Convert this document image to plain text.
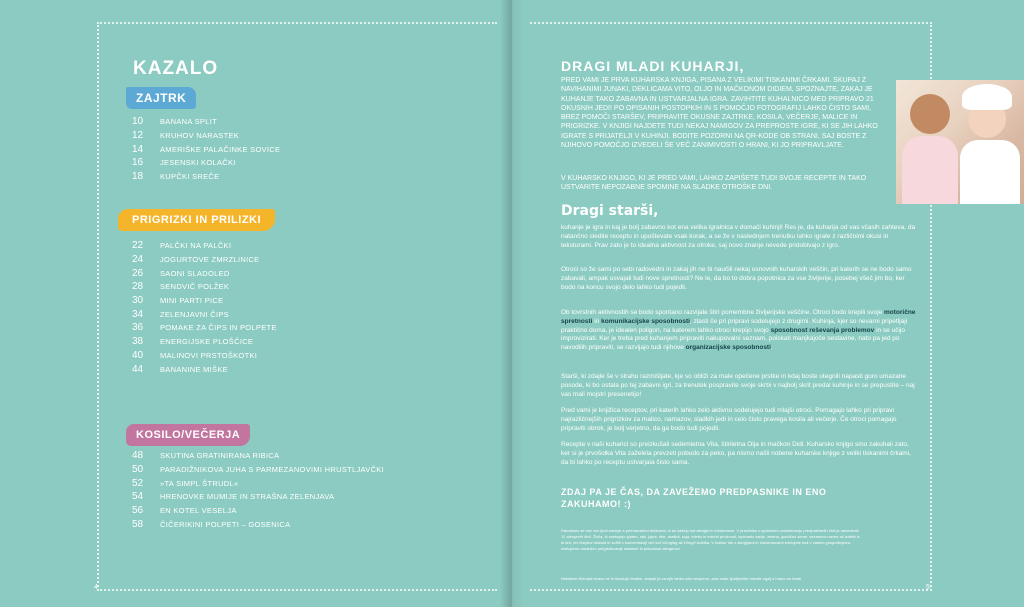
KAZALO
ZAJTRK
10	BANANA SPLIT
12	KRUHOV NARASTEK
14	AMERIŠKE PALAČINKE SOVICE
16	JESENSKI KOLAČKI
18	KUPČKI SREČE
PRIGRIZKI IN PRILIZKI
22	PALČKI NA PALČKI
24	JOGURTOVE ZMRZLINICE
26	SAONI SLADOLED
28	SENDVIČ POLŽEK
30	MINI PARTI PICE
34	ZELENJAVNI ČIPS
36	POMAKE ZA ČIPS IN POLPETE
38	ENERGIJSKE PLOŠČICE
40	MALINOVI PRSTOŠKOTKI
44	BANANINE MIŠKE
KOSILO/VEČERJA
48	SKUTINA GRATINIRANA RIBICA
50	PARADIŽNIKOVA JUHA S PARMEZANOVIMI HRUSTLJAVČKI
52	»TA SIMPL ŠTRUDL«
54	HRENOVKE MUMIJE IN STRAŠNA ZELENJAVA
56	EN KOTEL VESELJA
58	ČIČERIKINI POLPETI – GOSENICA
4
DRAGI MLADI KUHARJI,

PRED VAMI JE PRVA KUHARSKA KNJIGA, PISANA Z VELIKIMI TISKANIMI ČRKAMI. SKUPAJ Z NAVIHANIMI JUNAKI, DEKLICAMA VITO, OLJO IN MAČKONOM DIDIEM, SPOZNAJTE, ZAKAJ JE KUHANJE TAKO ZABAVNA IN USTVARJALNA IGRA. ZAVIHTITE KUHALNICO MED PRIPRAVO 21 OKUSNIH JEDI! PO OPISANIH POSTOPKIH IN S POMOČJO FOTOGRAFIJ LAHKO ČISTO SAMI, BREZ POMOČI STARŠEV, PRIPRAVITE OKUSNE ZAJTRKE, KOSILA, VEČERJE, MALICE IN PRIGRIZKE. V KNJIGI NAJDETE TUDI NEKAJ NAMIGOV ZA PREPROSTE IGRE, KI SE JIH LAHKO IGRATE S PRIJATELJI V KUHINJI. BODITE POZORNI NA QR-KODE OB STRANI, SAJ BOSTE Z NJIHOVO POMOČJO IZVEDELI ŠE VEČ ZANIMIVOSTI O HRANI, KI JO PRIPRAVLJATE.

V KUHARSKO KNJIGO, KI JE PRED VAMI, LAHKO ZAPIŠETE TUDI SVOJE RECEPTE IN TAKO USTVARITE NEPOZABNE SPOMINE NA SLADKE OTROŠKE DNI.

Dragi starši,

kuhanje je igra in kaj je bolj zabavno kot ena velika igralnica v domači kuhinji! Res je, da kuharija od vas včasih zahteva, da natančno sledite receptu in upoštevate vsak korak, a se že v naslednjem trenutku lahko igrate z različnimi okusi in teksturami. Prav zato je to idealna aktivnost za otroke, saj novo znanje nevede pridobivajo z igro.

Otroci so že sami po sebi radovedni in zakaj jih ne bi naučili nekaj osnovnih kuharskih veščin, pri katerih se ne bodo samo zabavali, ampak usvajali tudi nove spretnosti? Ne le, da bo to dobra popotnica za vse življenje, posebej všeč jim bo, ker bodo na koncu svojo delo lahko tudi pojedli.

Ob tovrstnih aktivnostih se bodo spontano razvijale štiri pomembne življenjske veščine. Otroci bodo krepili svoje motorične spretnosti in komunikacijske sposobnosti, zlasti če pri pripravi sodelujejo z drugimi. Kuhinja, kjer so nevarni pripetljaji praktično doma, je idealen poligon, na katerem lahko otroci krepijo svojo sposobnost reševanja problemov in se učijo improvizirati. Ker je treba pred kuhanjem pripraviti nakupovalni seznam, poiskati manjkajoče sestavine, nato pa jed po navodilih pripraviti, se razvijajo tudi njihove organizacijske sposobnosti.

Starši, ki zdajle še v strahu razmišljate, kje so obliži za male opečene prstke in kdaj boste utegnili napasti goro umazane posode, ki bo ostala po tej zabavni igri, za trenutek pospravite svoje skrbi v najbolj skrit predal kuhinje in se prepustite – naj vas mali mojstri presenetijo!

Pred vami je knjižica receptov, pri katerih lahko zelo aktivno sodelujejo tudi mlajši otroci. Pomagajo lahko pri pripravi najrazličnejših prigrizkov za malico, namazov, sladkih jedi in celo čisto pravega kosila ali večerje. Če otroci pomagajo pripraviti obrok, je bolj verjetno, da ga bodo tudi pojedli.

Recepte v naši kuharici so preizkušali sedemletna Vita, štiriletna Olja in mačkon Didi. Kuharsko knjigo smo zakuhali zato, ker si je prvošolka Vita zaželela prevzeti pobudo za peko, pa nismo našli nobene kuharske knjige z veliki tiskanimi črkami, da bi lahko po receptu ustvarjala čisto sama.

ZDAJ PA JE ČAS, DA ZAVEŽEMO PREDPASNIKE IN ENO ZAKUHAMO! :)

Dandanes se vse več ljudi srečuje s prehranskimi težavami, ki se kažejo kot alergije in intolerance. V pravilniku o splošnem označevanju predpakiranih živil je navedenih 12 alergenih živil. Živila, ki vsebujejo gluten, raki, jajca, ribe, arašidi, soja, mleko in mlečni proizvodi, lupinasto sadje, zelena, gorčično seme, sezamovo seme ali izdelki iz le-teh, ter žveplov dioksid in sulfiti v koncentraciji več kot 10mg/kg ali 10mg/l izdelka. V kolikor ste z alergijami in intolerancami srečujete tudi v vašem gospodinjstvu, svetujemo dosledno pregledovanje sestavin in prisotnost alergenov.

Nekatere čilenske brano ne le škoduje živalim, ampak je za njih lahko celo strupeno, zato naše ljubljenčke hranite zgolj s hrano za živali.

5
